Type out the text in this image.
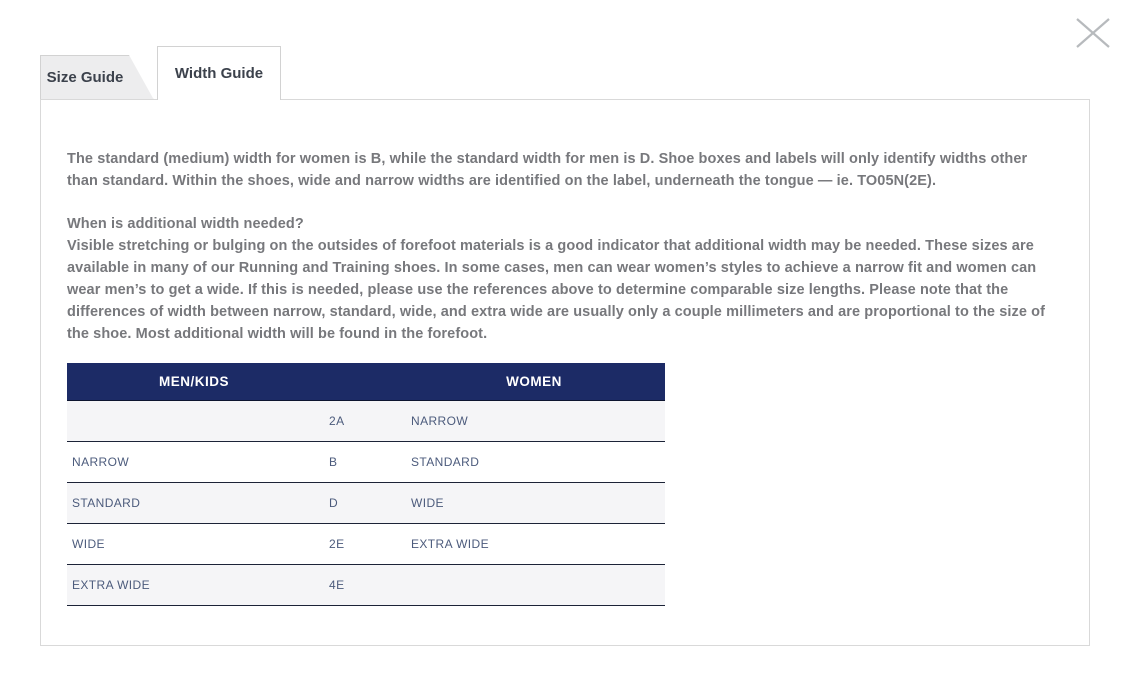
Size Guide	Width Guide

The standard (medium) width for women is B, while the standard width for men is D. Shoe boxes and labels will only identify widths other than standard. Within the shoes, wide and narrow widths are identified on the label, underneath the tongue — ie. TO05N(2E).

When is additional width needed?
Visible stretching or bulging on the outsides of forefoot materials is a good indicator that additional width may be needed. These sizes are available in many of our Running and Training shoes. In some cases, men can wear women’s styles to achieve a narrow fit and women can wear men’s to get a wide. If this is needed, please use the references above to determine comparable size lengths. Please note that the differences of width between narrow, standard, wide, and extra wide are usually only a couple millimeters and are proportional to the size of the shoe. Most additional width will be found in the forefoot.
MEN/KIDS		WOMEN
	2A	NARROW
NARROW	B	STANDARD
STANDARD	D	WIDE
WIDE	2E	EXTRA WIDE
EXTRA WIDE	4E	
